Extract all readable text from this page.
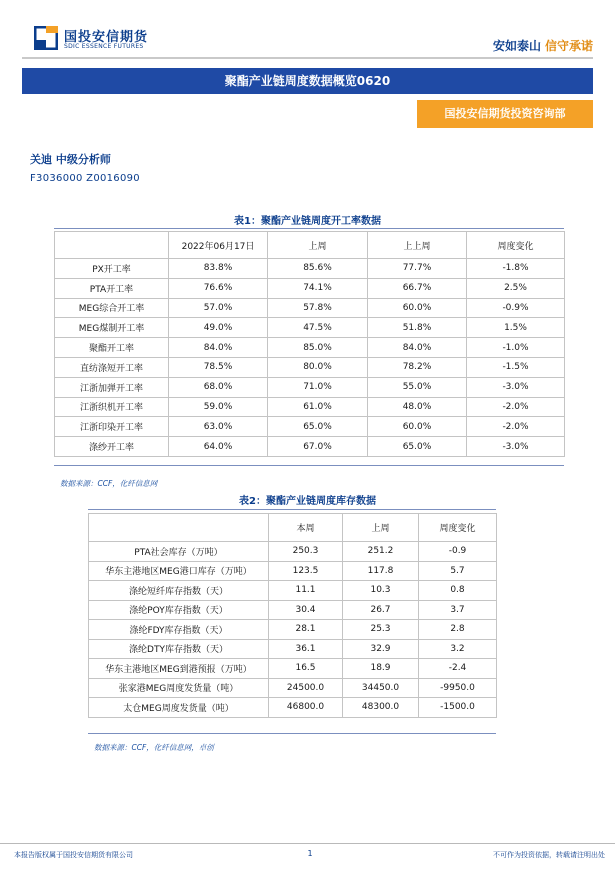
国投安信期货
SDIC ESSENCE FUTURES	安如泰山 信守承诺
聚酯产业链周度数据概览0620
国投安信期货投资咨询部
关迪 中级分析师
F3036000 Z0016090
表1：聚酯产业链周度开工率数据
	2022年06月17日	上周	上上周	周度变化
PX开工率	83.8%	85.6%	77.7%	-1.8%
PTA开工率	76.6%	74.1%	66.7%	2.5%
MEG综合开工率	57.0%	57.8%	60.0%	-0.9%
MEG煤制开工率	49.0%	47.5%	51.8%	1.5%
聚酯开工率	84.0%	85.0%	84.0%	-1.0%
直纺涤短开工率	78.5%	80.0%	78.2%	-1.5%
江浙加弹开工率	68.0%	71.0%	55.0%	-3.0%
江浙织机开工率	59.0%	61.0%	48.0%	-2.0%
江浙印染开工率	63.0%	65.0%	60.0%	-2.0%
涤纱开工率	64.0%	67.0%	65.0%	-3.0%
数据来源：CCF，化纤信息网
表2：聚酯产业链周度库存数据
	本周	上周	周度变化
PTA社会库存（万吨）	250.3	251.2	-0.9
华东主港地区MEG港口库存（万吨）	123.5	117.8	5.7
涤纶短纤库存指数（天）	11.1	10.3	0.8
涤纶POY库存指数（天）	30.4	26.7	3.7
涤纶FDY库存指数（天）	28.1	25.3	2.8
涤纶DTY库存指数（天）	36.1	32.9	3.2
华东主港地区MEG到港预报（万吨）	16.5	18.9	-2.4
张家港MEG周度发货量（吨）	24500.0	34450.0	-9950.0
太仓MEG周度发货量（吨）	46800.0	48300.0	-1500.0
数据来源：CCF，化纤信息网，卓创
本报告版权属于国投安信期货有限公司	1	不可作为投资依据，转载请注明出处
